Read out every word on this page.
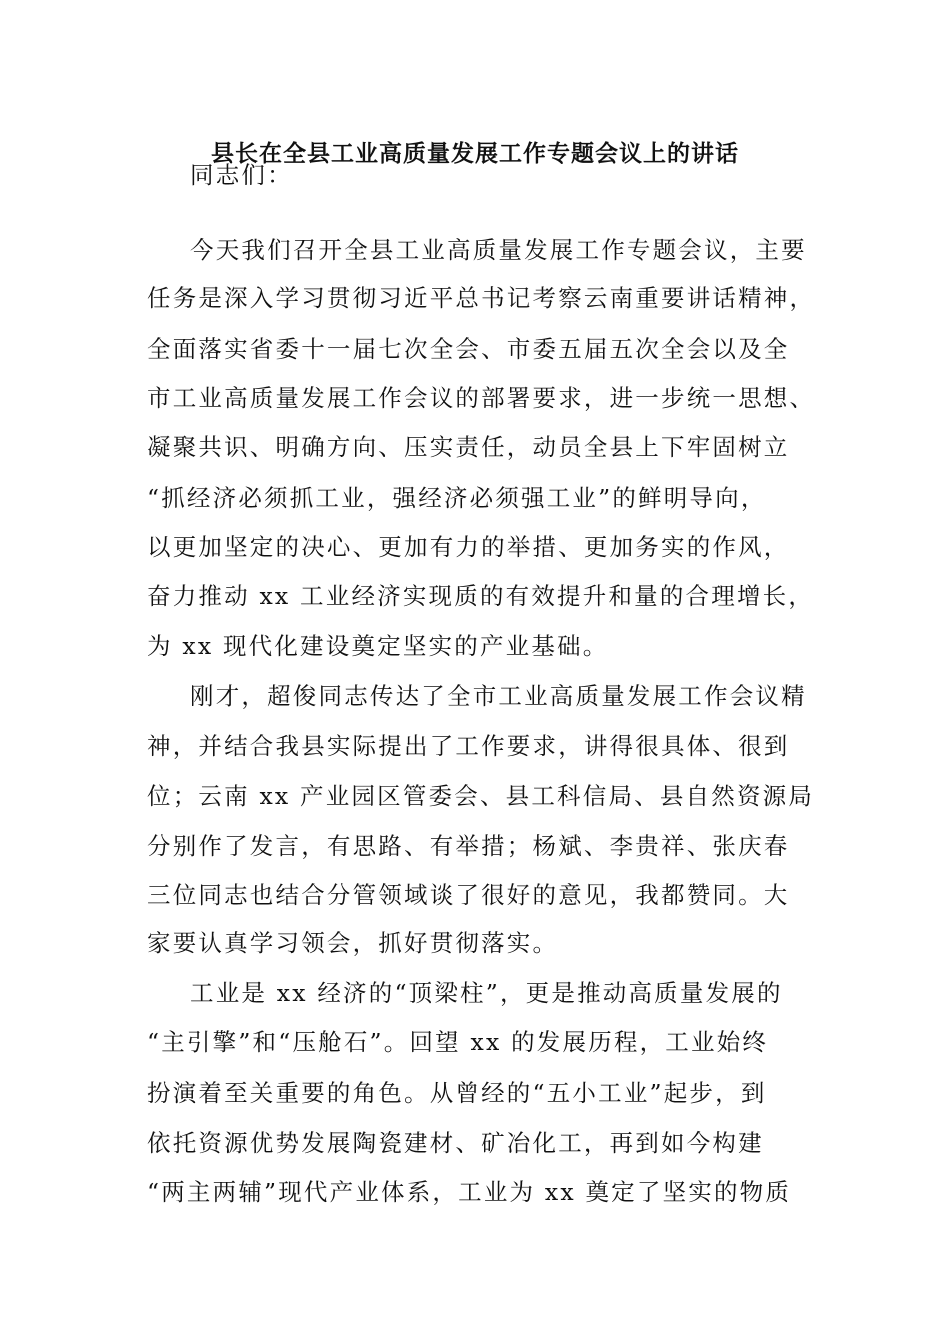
县长在全县工业高质量发展工作专题会议上的讲话
同志们：
今天我们召开全县工业高质量发展工作专题会议，主要
任务是深入学习贯彻习近平总书记考察云南重要讲话精神，
全面落实省委十一届七次全会、市委五届五次全会以及全
市工业高质量发展工作会议的部署要求，进一步统一思想、
凝聚共识、明确方向、压实责任，动员全县上下牢固树立
“抓经济必须抓工业，强经济必须强工业”的鲜明导向，
以更加坚定的决心、更加有力的举措、更加务实的作风，
奋力推动 xx 工业经济实现质的有效提升和量的合理增长，
为 xx 现代化建设奠定坚实的产业基础。
刚才，超俊同志传达了全市工业高质量发展工作会议精
神，并结合我县实际提出了工作要求，讲得很具体、很到
位；云南 xx 产业园区管委会、县工科信局、县自然资源局
分别作了发言，有思路、有举措；杨斌、李贵祥、张庆春
三位同志也结合分管领域谈了很好的意见，我都赞同。大
家要认真学习领会，抓好贯彻落实。
工业是 xx 经济的“顶梁柱”，更是推动高质量发展的
“主引擎”和“压舱石”。回望 xx 的发展历程，工业始终
扮演着至关重要的角色。从曾经的“五小工业”起步，到
依托资源优势发展陶瓷建材、矿冶化工，再到如今构建
“两主两辅”现代产业体系，工业为 xx 奠定了坚实的物质
